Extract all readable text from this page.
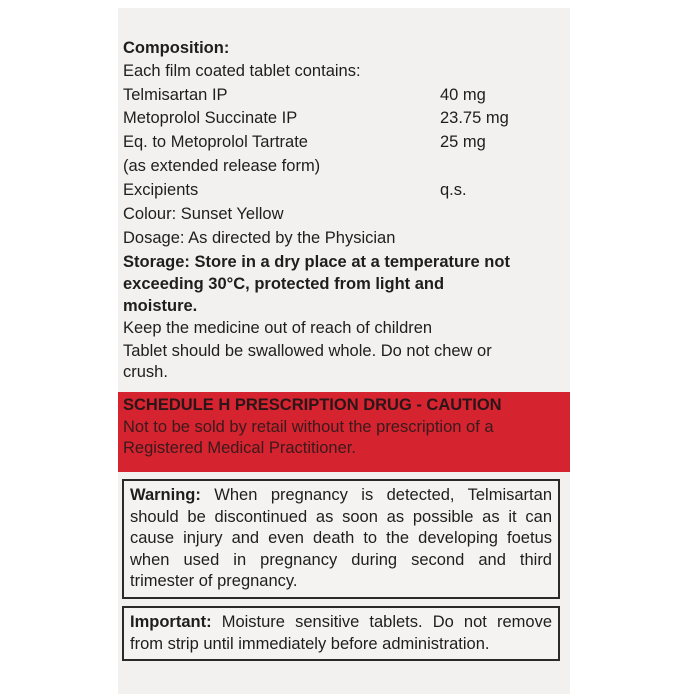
Composition:
Each film coated tablet contains:
Telmisartan IP	40 mg
Metoprolol Succinate IP	23.75 mg
Eq. to Metoprolol Tartrate	25 mg
(as extended release form)
Excipients	q.s.
Colour: Sunset Yellow
Dosage: As directed by the Physician
Storage: Store in a dry place at a temperature not
exceeding 30°C, protected from light and
moisture.
Keep the medicine out of reach of children
Tablet should be swallowed whole. Do not chew or
crush.
SCHEDULE H PRESCRIPTION DRUG - CAUTION
Not to be sold by retail without the prescription of a
Registered Medical Practitioner.
Warning: When pregnancy is detected, Telmisartan should be discontinued as soon as possible as it can cause injury and even death to the developing foetus when used in pregnancy during second and third trimester of pregnancy.
Important: Moisture sensitive tablets. Do not remove from strip until immediately before administration.
